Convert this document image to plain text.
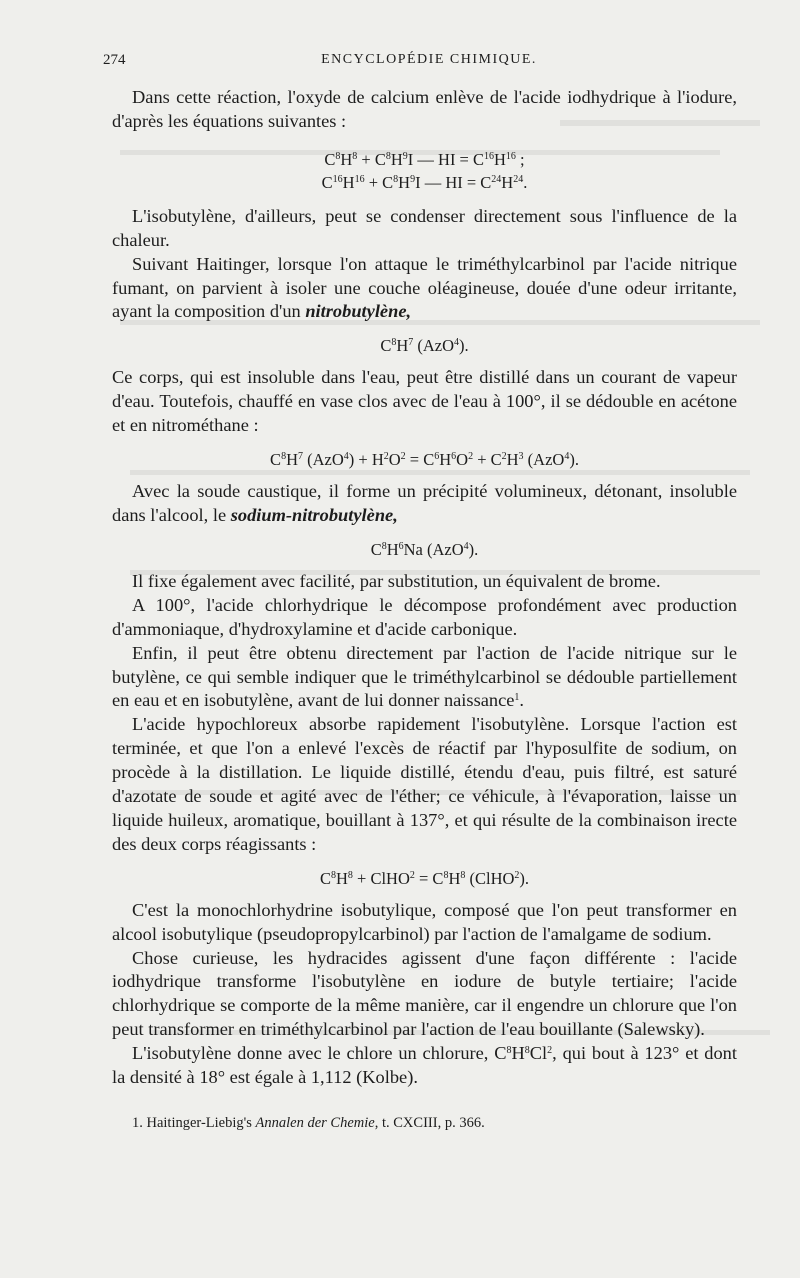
274	ENCYCLOPÉDIE CHIMIQUE.

Dans cette réaction, l'oxyde de calcium enlève de l'acide iodhydrique à l'iodure, d'après les équations suivantes :

$C^8H^8 + C^8H^9I$ — HI = $C^{16}H^{16}$ ;
$C^{16}H^{16} + C^8H^9I$ — HI = $C^{24}H^{24}$.

L'isobutylène, d'ailleurs, peut se condenser directement sous l'influence de la chaleur.

Suivant Haitinger, lorsque l'on attaque le triméthylcarbinol par l'acide nitrique fumant, on parvient à isoler une couche oléagineuse, douée d'une odeur irritante, ayant la composition d'un nitrobutylène,

$C^8H^7$ (AzO$^4$).

Ce corps, qui est insoluble dans l'eau, peut être distillé dans un courant de vapeur d'eau. Toutefois, chauffé en vase clos avec de l'eau à 100°, il se dédouble en acétone et en nitrométhane :

$C^8H^7$ $(AzO^4) + H^2O^2 = C^6H^6O^2 + C^2H^3$ (AzO$^4$).

Avec la soude caustique, il forme un précipité volumineux, détonant, insoluble dans l'alcool, le sodium-nitrobutylène,

$C^8H^6Na$ (AzO$^4$).

Il fixe également avec facilité, par substitution, un équivalent de brome.

A 100°, l'acide chlorhydrique le décompose profondément avec production d'ammoniaque, d'hydroxylamine et d'acide carbonique.

Enfin, il peut être obtenu directement par l'action de l'acide nitrique sur le butylène, ce qui semble indiquer que le triméthylcarbinol se dédouble partiellement en eau et en isobutylène, avant de lui donner naissance$^1$.

L'acide hypochloreux absorbe rapidement l'isobutylène. Lorsque l'action est terminée, et que l'on a enlevé l'excès de réactif par l'hyposulfite de sodium, on procède à la distillation. Le liquide distillé, étendu d'eau, puis filtré, est saturé d'azotate de soude et agité avec de l'éther; ce véhicule, à l'évaporation, laisse un liquide huileux, aromatique, bouillant à 137°, et qui résulte de la combinaison irecte des deux corps réagissants :

$C^8H^8$ + ClHO$^2$ = $C^8H^8$ (ClHO$^2$).

C'est la monochlorhydrine isobutylique, composé que l'on peut transformer en alcool isobutylique (pseudopropylcarbinol) par l'action de l'amalgame de sodium.

Chose curieuse, les hydracides agissent d'une façon différente : l'acide iodhydrique transforme l'isobutylène en iodure de butyle tertiaire; l'acide chlorhydrique se comporte de la même manière, car il engendre un chlorure que l'on peut transformer en triméthylcarbinol par l'action de l'eau bouillante (Salewsky).

L'isobutylène donne avec le chlore un chlorure, $C^8H^8Cl^2$, qui bout à 123° et dont la densité à 18° est égale à 1,112 (Kolbe).

1. Haitinger-Liebig's Annalen der Chemie, t. CXCIII, p. 366.
